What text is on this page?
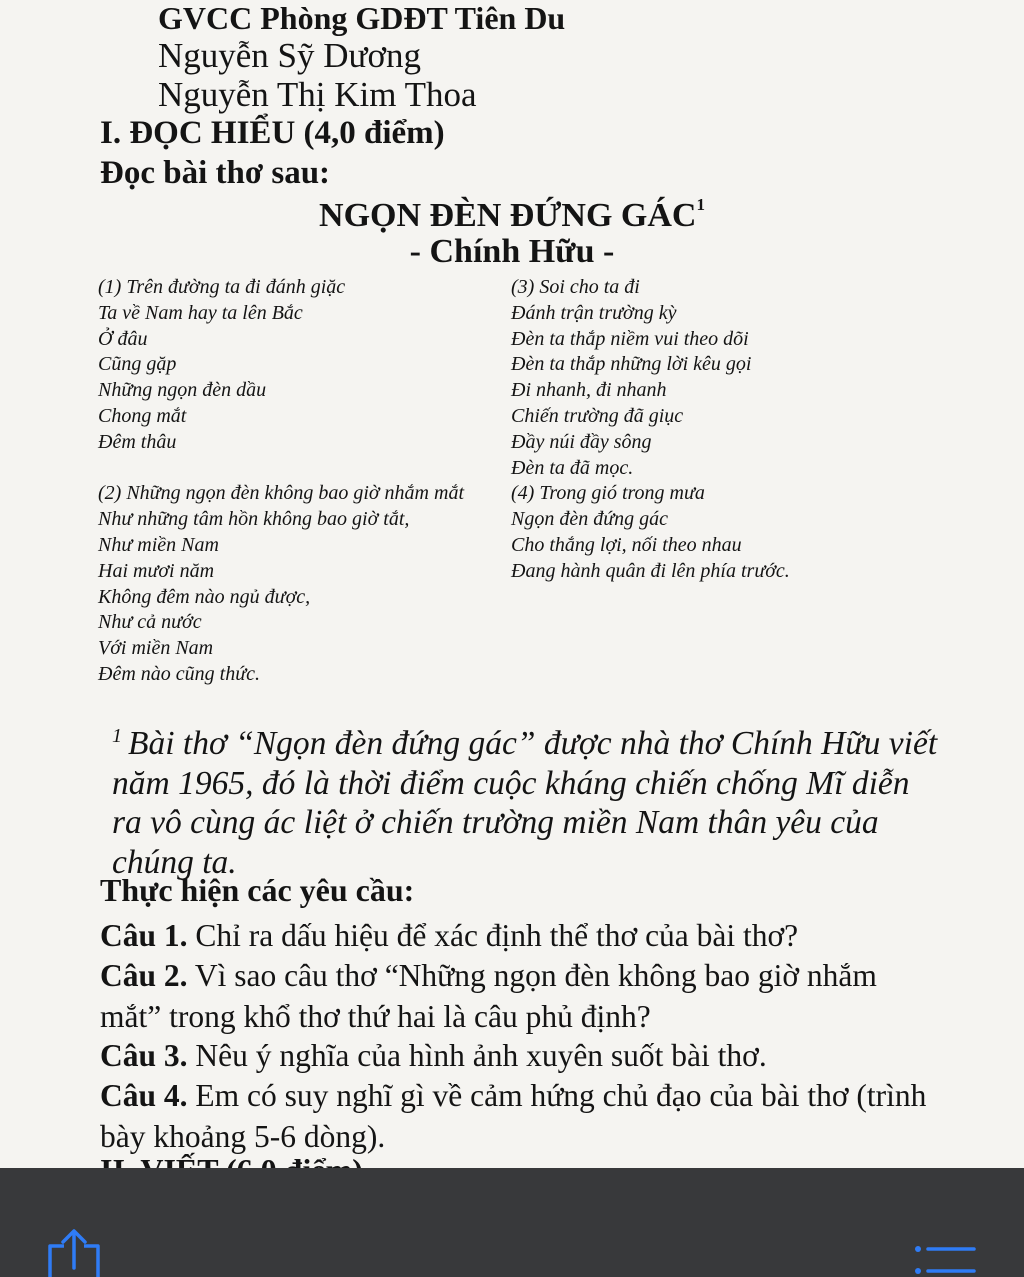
GVCC Phòng GDĐT Tiên Du
Nguyễn Sỹ Dương
Nguyễn Thị Kim Thoa
I. ĐỌC HIỂU (4,0 điểm)
Đọc bài thơ sau:
NGỌN ĐÈN ĐỨNG GÁC$^1$
- Chính Hữu -
(1) Trên đường ta đi đánh giặc
Ta về Nam hay ta lên Bắc
Ở đâu
Cũng gặp
Những ngọn đèn dầu
Chong mắt
Đêm thâu
(2) Những ngọn đèn không bao giờ nhắm mắt
Như những tâm hồn không bao giờ tắt,
Như miền Nam
Hai mươi năm
Không đêm nào ngủ được,
Như cả nước
Với miền Nam
Đêm nào cũng thức.
(3) Soi cho ta đi
Đánh trận trường kỳ
Đèn ta thắp niềm vui theo dõi
Đèn ta thắp những lời kêu gọi
Đi nhanh, đi nhanh
Chiến trường đã giục
Đầy núi đầy sông
Đèn ta đã mọc.
(4) Trong gió trong mưa
Ngọn đèn đứng gác
Cho thắng lợi, nối theo nhau
Đang hành quân đi lên phía trước.
$^1$ Bài thơ “Ngọn đèn đứng gác” được nhà thơ Chính Hữu viết năm 1965, đó là thời điểm cuộc kháng chiến chống Mĩ diễn ra vô cùng ác liệt ở chiến trường miền Nam thân yêu của chúng ta.
Thực hiện các yêu cầu:
Câu 1. Chỉ ra dấu hiệu để xác định thể thơ của bài thơ?
Câu 2. Vì sao câu thơ “Những ngọn đèn không bao giờ nhắm mắt” trong khổ thơ thứ hai là câu phủ định?
Câu 3. Nêu ý nghĩa của hình ảnh xuyên suốt bài thơ.
Câu 4. Em có suy nghĩ gì về cảm hứng chủ đạo của bài thơ (trình bày khoảng 5-6 dòng).
